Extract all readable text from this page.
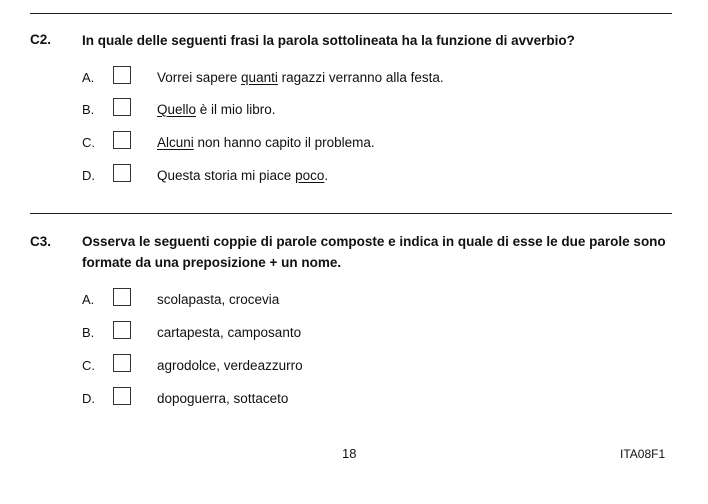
C2. In quale delle seguenti frasi la parola sottolineata ha la funzione di avverbio?
A.	Vorrei sapere quanti ragazzi verranno alla festa.
B.	Quello è il mio libro.
C.	Alcuni non hanno capito il problema.
D.	Questa storia mi piace poco.
C3. Osserva le seguenti coppie di parole composte e indica in quale di esse le due parole sono formate da una preposizione + un nome.
A.	scolapasta, crocevia
B.	cartapesta, camposanto
C.	agrodolce, verdeazzurro
D.	dopoguerra, sottaceto
18	ITA08F1
